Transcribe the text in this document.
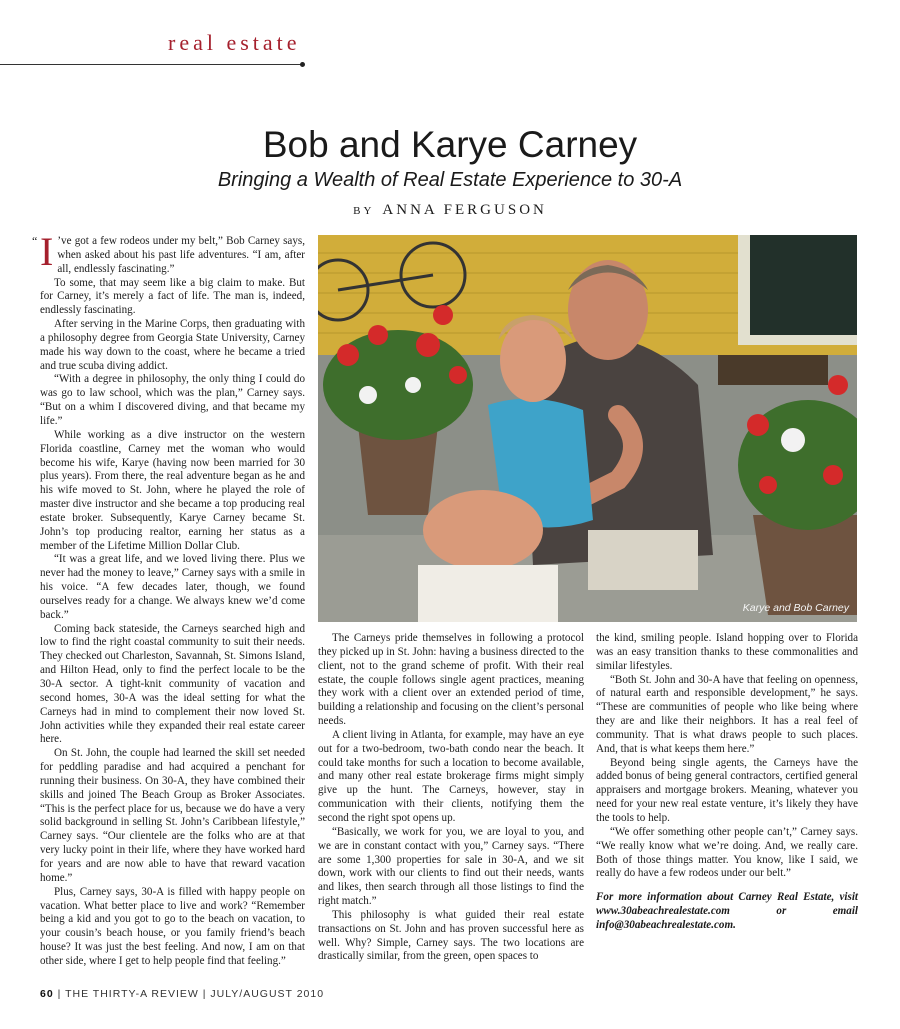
real estate
Bob and Karye Carney
Bringing a Wealth of Real Estate Experience to 30-A
BY ANNA FERGUSON

“ I ’ve got a few rodeos under my belt,” Bob Carney says, when asked about his past life adventures. “I am, after all, endlessly fascinating.”

To some, that may seem like a big claim to make. But for Carney, it’s merely a fact of life. The man is, indeed, endlessly fascinating.

After serving in the Marine Corps, then graduating with a philosophy degree from Georgia State University, Carney made his way down to the coast, where he became a tried and true scuba diving addict.

“With a degree in philosophy, the only thing I could do was go to law school, which was the plan,” Carney says. “But on a whim I discovered diving, and that became my life.”

While working as a dive instructor on the western Florida coastline, Carney met the woman who would become his wife, Karye (having now been married for 30 plus years). From there, the real adventure began as he and his wife moved to St. John, where he played the role of master dive instructor and she became a top producing real estate broker. Subsequently, Karye Carney became St. John’s top producing realtor, earning her status as a member of the Lifetime Million Dollar Club.

“It was a great life, and we loved living there. Plus we never had the money to leave,” Carney says with a smile in his voice. “A few decades later, though, we found ourselves ready for a change. We always knew we’d come back.”

Coming back stateside, the Carneys searched high and low to find the right coastal community to suit their needs. They checked out Charleston, Savannah, St. Simons Island, and Hilton Head, only to find the perfect locale to be the 30-A sector. A tight-knit community of vacation and second homes, 30-A was the ideal setting for what the Carneys had in mind to complement their now loved St. John activities while they expanded their real estate career here.

On St. John, the couple had learned the skill set needed for peddling paradise and had acquired a penchant for running their business. On 30-A, they have combined their skills and joined The Beach Group as Broker Associates. “This is the perfect place for us, because we do have a very solid background in selling St. John’s Caribbean lifestyle,” Carney says. “Our clientele are the folks who are at that very lucky point in their life, where they have worked hard for years and are now able to have that reward vacation home.”

Plus, Carney says, 30-A is filled with happy people on vacation. What better place to live and work? “Remember being a kid and you got to go to the beach on vacation, to your cousin’s beach house, or you family friend’s beach house? It was just the best feeling. And now, I am on that other side, where I get to help people find that feeling.”

Karye and Bob Carney

The Carneys pride themselves in following a protocol they picked up in St. John: having a business directed to the client, not to the grand scheme of profit. With their real estate, the couple follows single agent practices, meaning they work with a client over an extended period of time, building a relationship and focusing on the client’s personal needs.

A client living in Atlanta, for example, may have an eye out for a two-bedroom, two-bath condo near the beach. It could take months for such a location to become available, and many other real estate brokerage firms might simply give up the hunt. The Carneys, however, stay in communication with their clients, notifying them the second the right spot opens up.

“Basically, we work for you, we are loyal to you, and we are in constant contact with you,” Carney says. “There are some 1,300 properties for sale in 30-A, and we sit down, work with our clients to find out their needs, wants and likes, then search through all those listings to find the right match.”

This philosophy is what guided their real estate transactions on St. John and has proven successful here as well. Why? Simple, Carney says. The two locations are drastically similar, from the green, open spaces to

the kind, smiling people. Island hopping over to Florida was an easy transition thanks to these commonalities and similar lifestyles.

“Both St. John and 30-A have that feeling on openness, of natural earth and responsible development,” he says. “These are communities of people who like being where they are and like their neighbors. It has a real feel of community. That is what draws people to such places. And, that is what keeps them here.”

Beyond being single agents, the Carneys have the added bonus of being general contractors, certified general appraisers and mortgage brokers. Meaning, whatever you need for your new real estate venture, it’s likely they have the tools to help.

“We offer something other people can’t,” Carney says. “We really know what we’re doing. And, we really care. Both of those things matter. You know, like I said, we really do have a few rodeos under our belt.”

For more information about Carney Real Estate, visit www.30abeachrealestate.com or email info@30abeachrealestate.com.

60 | THE THIRTY-A REVIEW | JULY/AUGUST 2010
